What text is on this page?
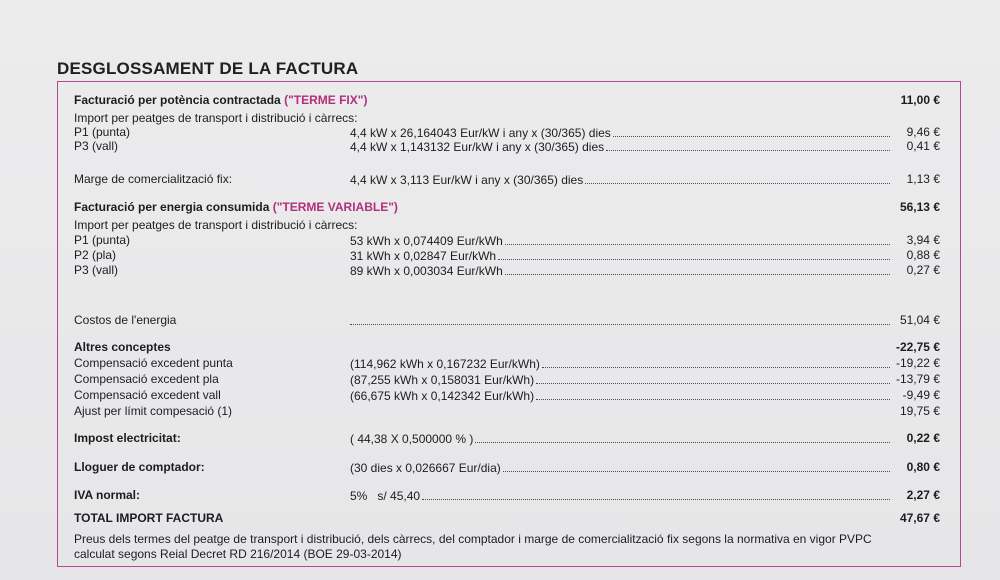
DESGLOSSAMENT DE LA FACTURA
Facturació per potència contractada ("TERME FIX")	11,00 €
Import per peatges de transport i distribució i càrrecs:
P1 (punta)	4,4 kW x 26,164043 Eur/kW i any x (30/365) dies	9,46 €
P3 (vall)	4,4 kW x 1,143132 Eur/kW i any x (30/365) dies	0,41 €
Marge de comercialització fix:	4,4 kW x 3,113 Eur/kW i any x (30/365) dies	1,13 €
Facturació per energia consumida ("TERME VARIABLE")	56,13 €
Import per peatges de transport i distribució i càrrecs:
P1 (punta)	53 kWh x 0,074409 Eur/kWh	3,94 €
P2 (pla)	31 kWh x 0,02847 Eur/kWh	0,88 €
P3 (vall)	89 kWh x 0,003034 Eur/kWh	0,27 €
Costos de l'energia	51,04 €
Altres conceptes	-22,75 €
Compensació excedent punta	(114,962 kWh x 0,167232 Eur/kWh)	-19,22 €
Compensació excedent pla	(87,255 kWh x 0,158031 Eur/kWh)	-13,79 €
Compensació excedent vall	(66,675 kWh x 0,142342 Eur/kWh)	-9,49 €
Ajust per límit compesació (1)	19,75 €
Impost electricitat:	( 44,38 X 0,500000 % )	0,22 €
Lloguer de comptador:	(30 dies x 0,026667 Eur/dia)	0,80 €
IVA normal:	5%   s/ 45,40	2,27 €
TOTAL IMPORT FACTURA	47,67 €
Preus dels termes del peatge de transport i distribució, dels càrrecs, del comptador i marge de comercialització fix segons la normativa en vigor PVPC calculat segons Reial Decret RD 216/2014 (BOE 29-03-2014)
